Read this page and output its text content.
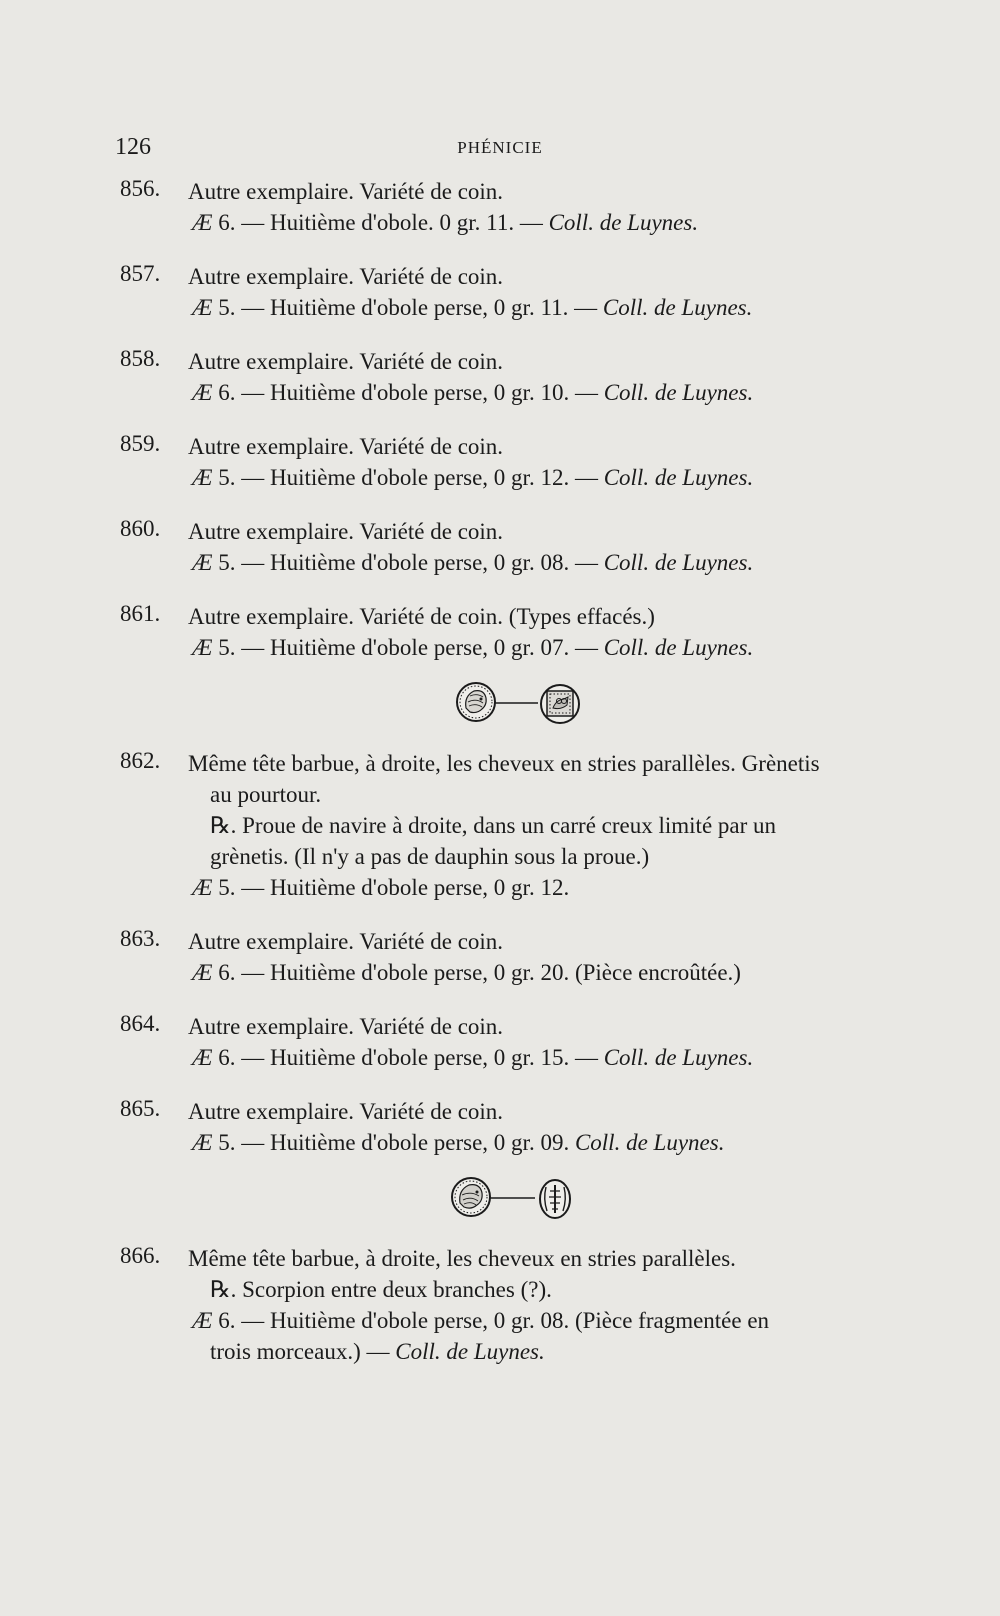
126	PHÉNICIE
856. Autre exemplaire. Variété de coin.
Æ 6. — Huitième d'obole. 0 gr. 11. — Coll. de Luynes.
857. Autre exemplaire. Variété de coin.
Æ 5. — Huitième d'obole perse, 0 gr. 11. — Coll. de Luynes.
858. Autre exemplaire. Variété de coin.
Æ 6. — Huitième d'obole perse, 0 gr. 10. — Coll. de Luynes.
859. Autre exemplaire. Variété de coin.
Æ 5. — Huitième d'obole perse, 0 gr. 12. — Coll. de Luynes.
860. Autre exemplaire. Variété de coin.
Æ 5. — Huitième d'obole perse, 0 gr. 08. — Coll. de Luynes.
861. Autre exemplaire. Variété de coin. (Types effacés.)
Æ 5. — Huitième d'obole perse, 0 gr. 07. — Coll. de Luynes.
862. Même tête barbue, à droite, les cheveux en stries parallèles. Grènetis
au pourtour.
℞. Proue de navire à droite, dans un carré creux limité par un
grènetis. (Il n'y a pas de dauphin sous la proue.)
Æ 5. — Huitième d'obole perse, 0 gr. 12.
863. Autre exemplaire. Variété de coin.
Æ 6. — Huitième d'obole perse, 0 gr. 20. (Pièce encroûtée.)
864. Autre exemplaire. Variété de coin.
Æ 6. — Huitième d'obole perse, 0 gr. 15. — Coll. de Luynes.
865. Autre exemplaire. Variété de coin.
Æ 5. — Huitième d'obole perse, 0 gr. 09. Coll. de Luynes.
866. Même tête barbue, à droite, les cheveux en stries parallèles.
℞. Scorpion entre deux branches (?).
Æ 6. — Huitième d'obole perse, 0 gr. 08. (Pièce fragmentée en
trois morceaux.) — Coll. de Luynes.
